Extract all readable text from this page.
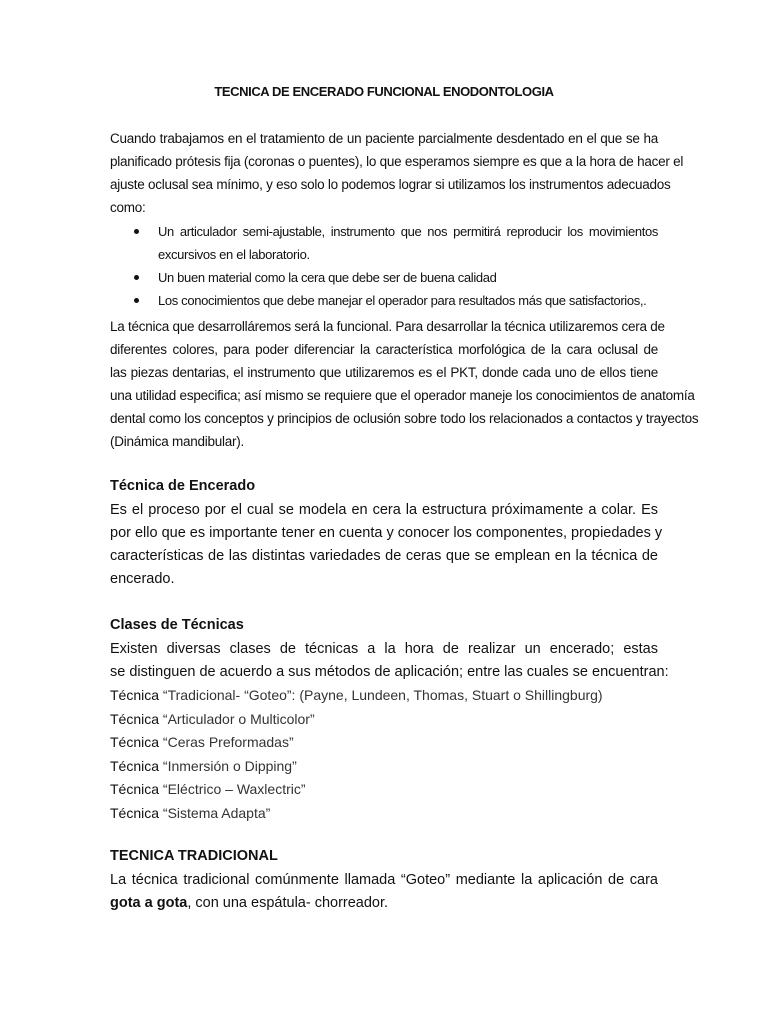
TECNICA DE ENCERADO FUNCIONAL ENODONTOLOGIA
Cuando trabajamos en el tratamiento de un paciente parcialmente desdentado en el que se ha
planificado prótesis fija (coronas o puentes), lo que esperamos siempre es que a la hora de hacer el
ajuste oclusal sea mínimo, y eso solo lo podemos lograr si utilizamos los instrumentos adecuados
como:
Un articulador semi-ajustable, instrumento que nos permitirá reproducir los movimientos
excursivos en el laboratorio.
Un buen material como la cera que debe ser de buena calidad
Los conocimientos que debe manejar el operador para resultados más que satisfactorios,.
La técnica que desarrolláremos será la funcional. Para desarrollar la técnica utilizaremos cera de
diferentes colores, para poder diferenciar la característica morfológica de la cara oclusal de
las piezas dentarias, el instrumento que utilizaremos es el PKT, donde cada uno de ellos tiene
una utilidad especifica; así mismo se requiere que el operador maneje los conocimientos de anatomía
dental como los conceptos y principios de oclusión sobre todo los relacionados a contactos y trayectos
(Dinámica mandibular).
Técnica de Encerado
Es el proceso por el cual se modela en cera la estructura próximamente a colar. Es
por ello que es importante tener en cuenta y conocer los componentes, propiedades y
características de las distintas variedades de ceras que se emplean en la técnica de
encerado.
Clases de Técnicas
Existen diversas clases de técnicas a la hora de realizar un encerado; estas
se distinguen de acuerdo a sus métodos de aplicación; entre las cuales se encuentran:
Técnica “Tradicional- “Goteo”: (Payne, Lundeen, Thomas, Stuart o Shillingburg)
Técnica “Articulador o Multicolor”
Técnica “Ceras Preformadas”
Técnica “Inmersión o Dipping”
Técnica “Eléctrico – Waxlectric”
Técnica “Sistema Adapta”
TECNICA TRADICIONAL
La técnica tradicional comúnmente llamada “Goteo” mediante la aplicación de cara
gota a gota, con una espátula- chorreador.
